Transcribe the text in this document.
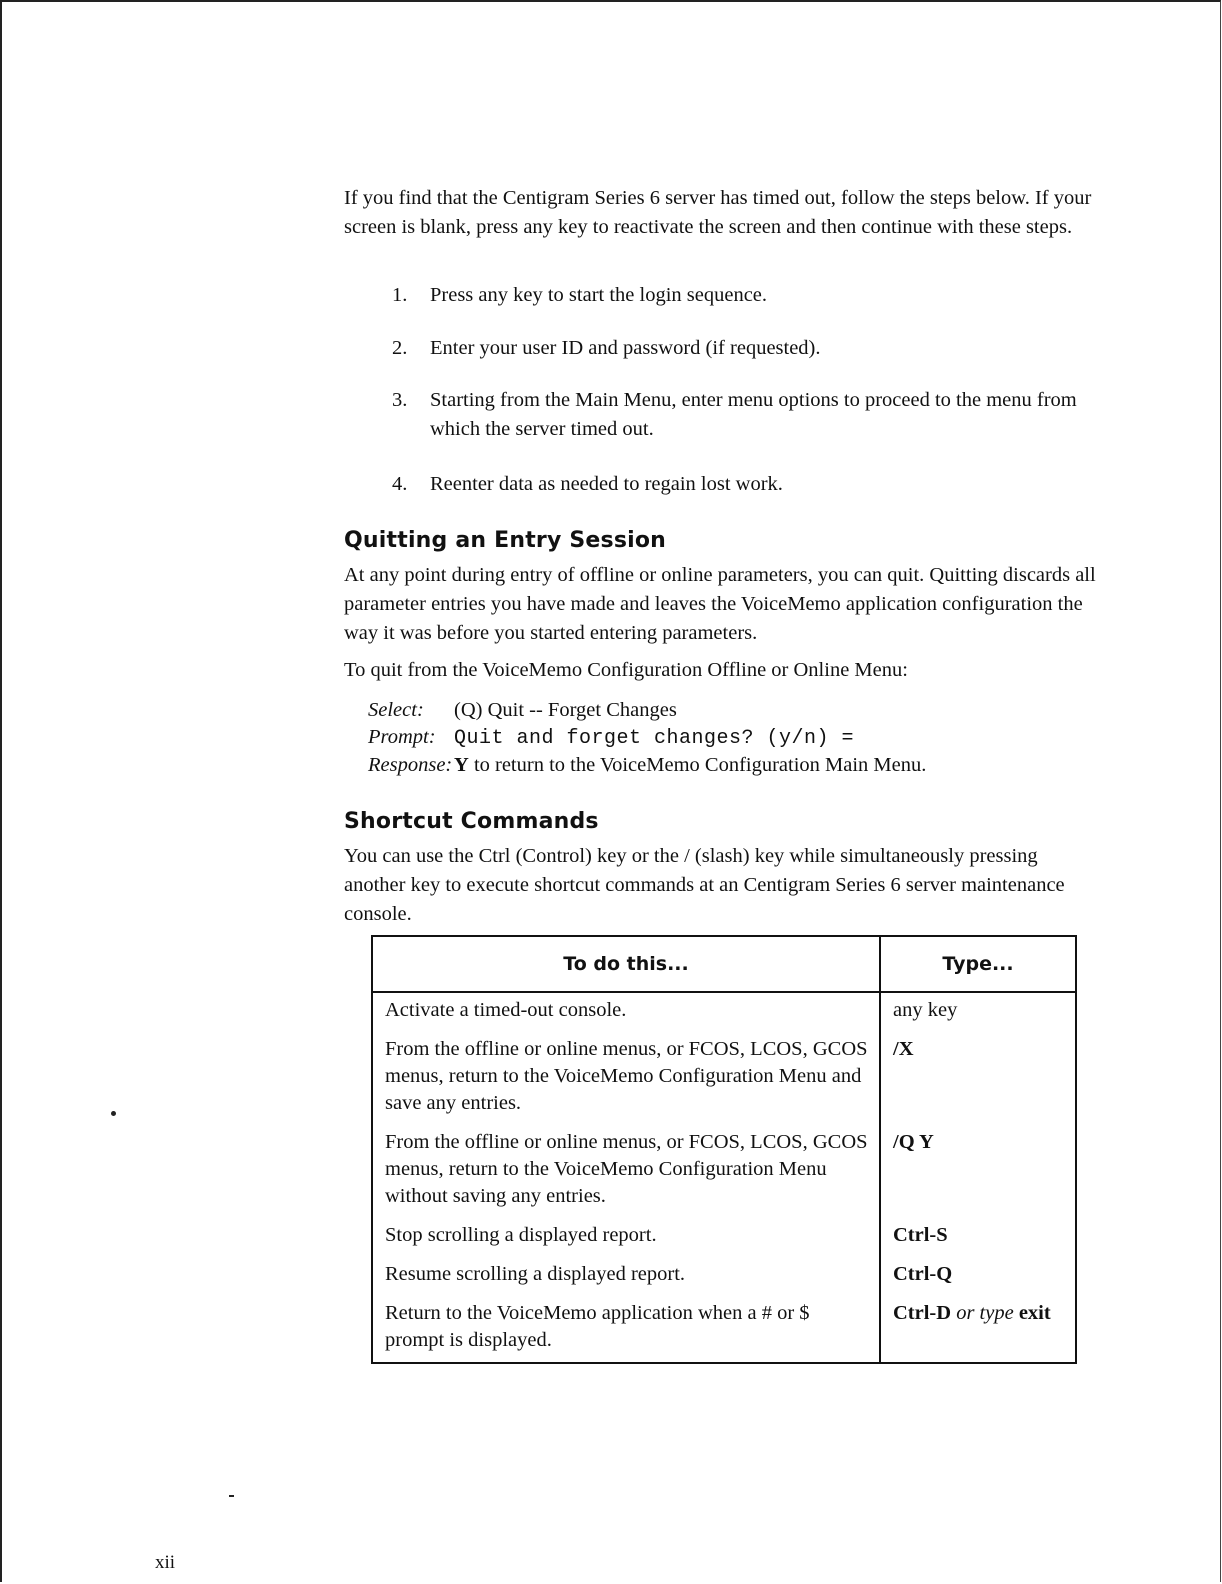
If you find that the Centigram Series 6 server has timed out, follow the steps below. If your screen is blank, press any key to reactivate the screen and then continue with these steps.

1.	Press any key to start the login sequence.
2.	Enter your user ID and password (if requested).
3.	Starting from the Main Menu, enter menu options to proceed to the menu from which the server timed out.
4.	Reenter data as needed to regain lost work.
Quitting an Entry Session

At any point during entry of offline or online parameters, you can quit. Quitting discards all parameter entries you have made and leaves the VoiceMemo application configuration the way it was before you started entering parameters.

To quit from the VoiceMemo Configuration Offline or Online Menu:

Select: (Q) Quit -- Forget Changes
Prompt: Quit and forget changes? (y/n) =
Response:Y to return to the VoiceMemo Configuration Main Menu.
Shortcut Commands

You can use the Ctrl (Control) key or the / (slash) key while simultaneously pressing another key to execute shortcut commands at an Centigram Series 6 server maintenance console.

To do this...	Type...
Activate a timed-out console.	any key
From the offline or online menus, or FCOS, LCOS, GCOS menus, return to the VoiceMemo Configuration Menu and save any entries.	/X
From the offline or online menus, or FCOS, LCOS, GCOS menus, return to the VoiceMemo Configuration Menu without saving any entries.	/Q Y
Stop scrolling a displayed report.	Ctrl-S
Resume scrolling a displayed report.	Ctrl-Q
Return to the VoiceMemo application when a # or $ prompt is displayed.	Ctrl-D or type exit
xii
